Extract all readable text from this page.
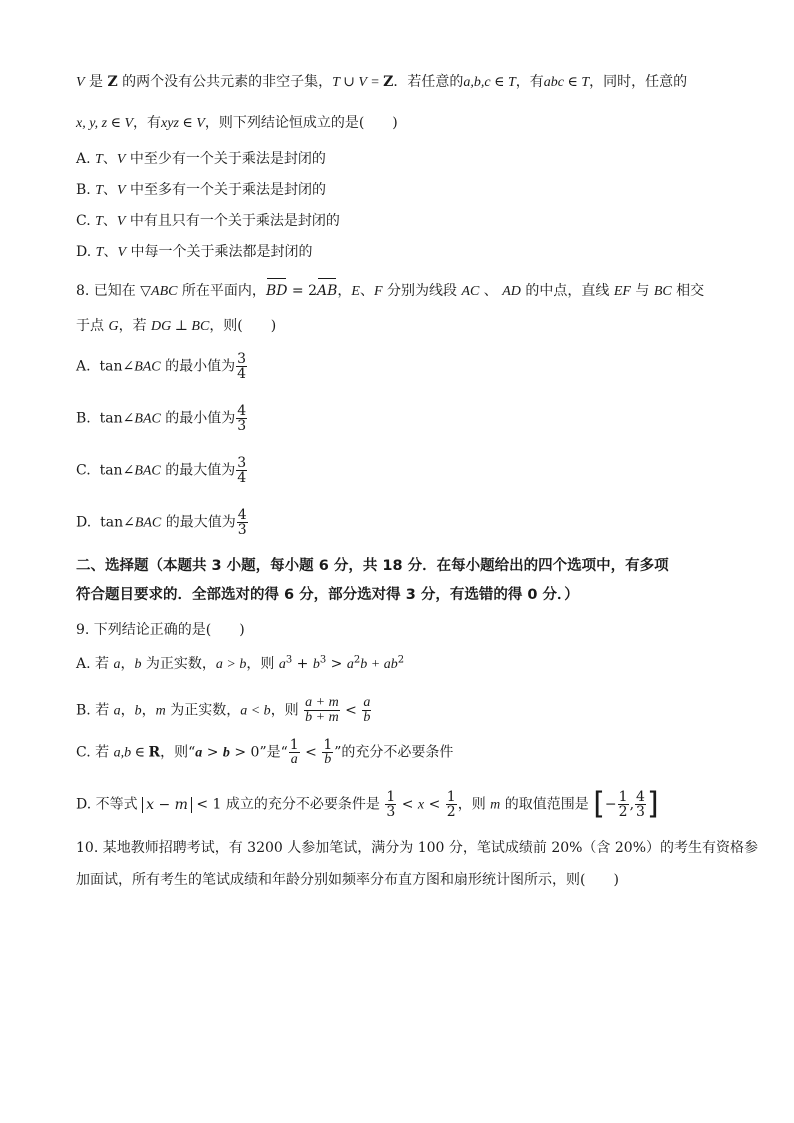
V 是 Z 的两个没有公共元素的非空子集，T ∪ V = Z．若任意的a,b,c ∈ T，有abc ∈ T，同时，任意的
x, y, z ∈ V，有xyz ∈ V，则下列结论恒成立的是(　　)
A. T、V 中至少有一个关于乘法是封闭的
B. T、V 中至多有一个关于乘法是封闭的
C. T、V 中有且只有一个关于乘法是封闭的
D. T、V 中每一个关于乘法都是封闭的
8. 已知在 ▽ABC 所在平面内，BD = 2AB，E、F 分别为线段 AC 、 AD 的中点，直线 EF 与 BC 相交
于点 G，若 DG ⊥ BC，则(　　)
A. tan∠BAC 的最小值为 $\frac{3}{4}$
B. tan∠BAC 的最小值为 $\frac{4}{3}$
C. tan∠BAC 的最大值为 $\frac{3}{4}$
D. tan∠BAC 的最大值为 $\frac{4}{3}$
二、选择题（本题共 3 小题，每小题 6 分，共 18 分．在每小题给出的四个选项中，有多项
符合题目要求的．全部选对的得 6 分，部分选对得 3 分，有选错的得 0 分．）
9. 下列结论正确的是(　　)
A. 若 a，b 为正实数，a > b，则 $a^3 + b^3 > a^2b + ab^2$
B. 若 a，b，m 为正实数，a < b，则 $\frac{a + m}{b + m} < \frac{a}{b}$
C. 若 a,b ∈ R，则“a > b > 0”是“ $\frac{1}{a} < \frac{1}{b}$ ”的充分不必要条件
D. 不等式 x − m < 1 成立的充分不必要条件是 $\frac{1}{3} < x < \frac{1}{2}$ ，则 m 的取值范围是 [− $\frac{1}{2}$ , $\frac{4}{3}$ ]
10. 某地教师招聘考试，有 3200 人参加笔试，满分为 100 分，笔试成绩前 20%（含 20%）的考生有资格参
加面试，所有考生的笔试成绩和年龄分别如频率分布直方图和扇形统计图所示，则(　　)
